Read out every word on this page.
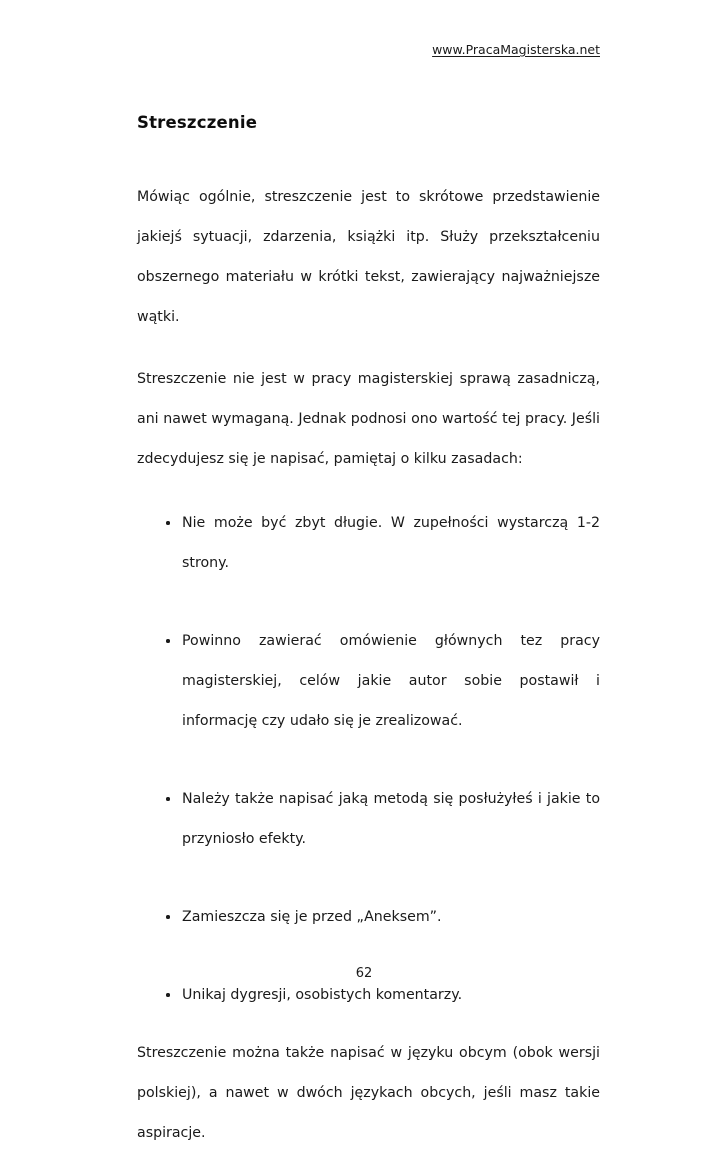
www.PracaMagisterska.net
Streszczenie

Mówiąc ogólnie, streszczenie jest to skrótowe przedstawienie jakiejś sytuacji, zdarzenia, książki itp. Służy przekształceniu obszernego materiału w krótki tekst, zawierający najważniejsze wątki.

Streszczenie nie jest w pracy magisterskiej sprawą zasadniczą, ani nawet wymaganą. Jednak podnosi ono wartość tej pracy. Jeśli zdecydujesz się je napisać, pamiętaj o kilku zasadach:

Nie może być zbyt długie. W zupełności wystarczą 1-2 strony.
Powinno zawierać omówienie głównych tez pracy magisterskiej, celów jakie autor sobie postawił i informację czy udało się je zrealizować.
Należy także napisać jaką metodą się posłużyłeś i jakie to przyniosło efekty.
Zamieszcza się je przed „Aneksem”.
Unikaj dygresji, osobistych komentarzy.

Streszczenie można także napisać w języku obcym (obok wersji polskiej), a nawet w dwóch językach obcych, jeśli masz takie aspiracje.

62
